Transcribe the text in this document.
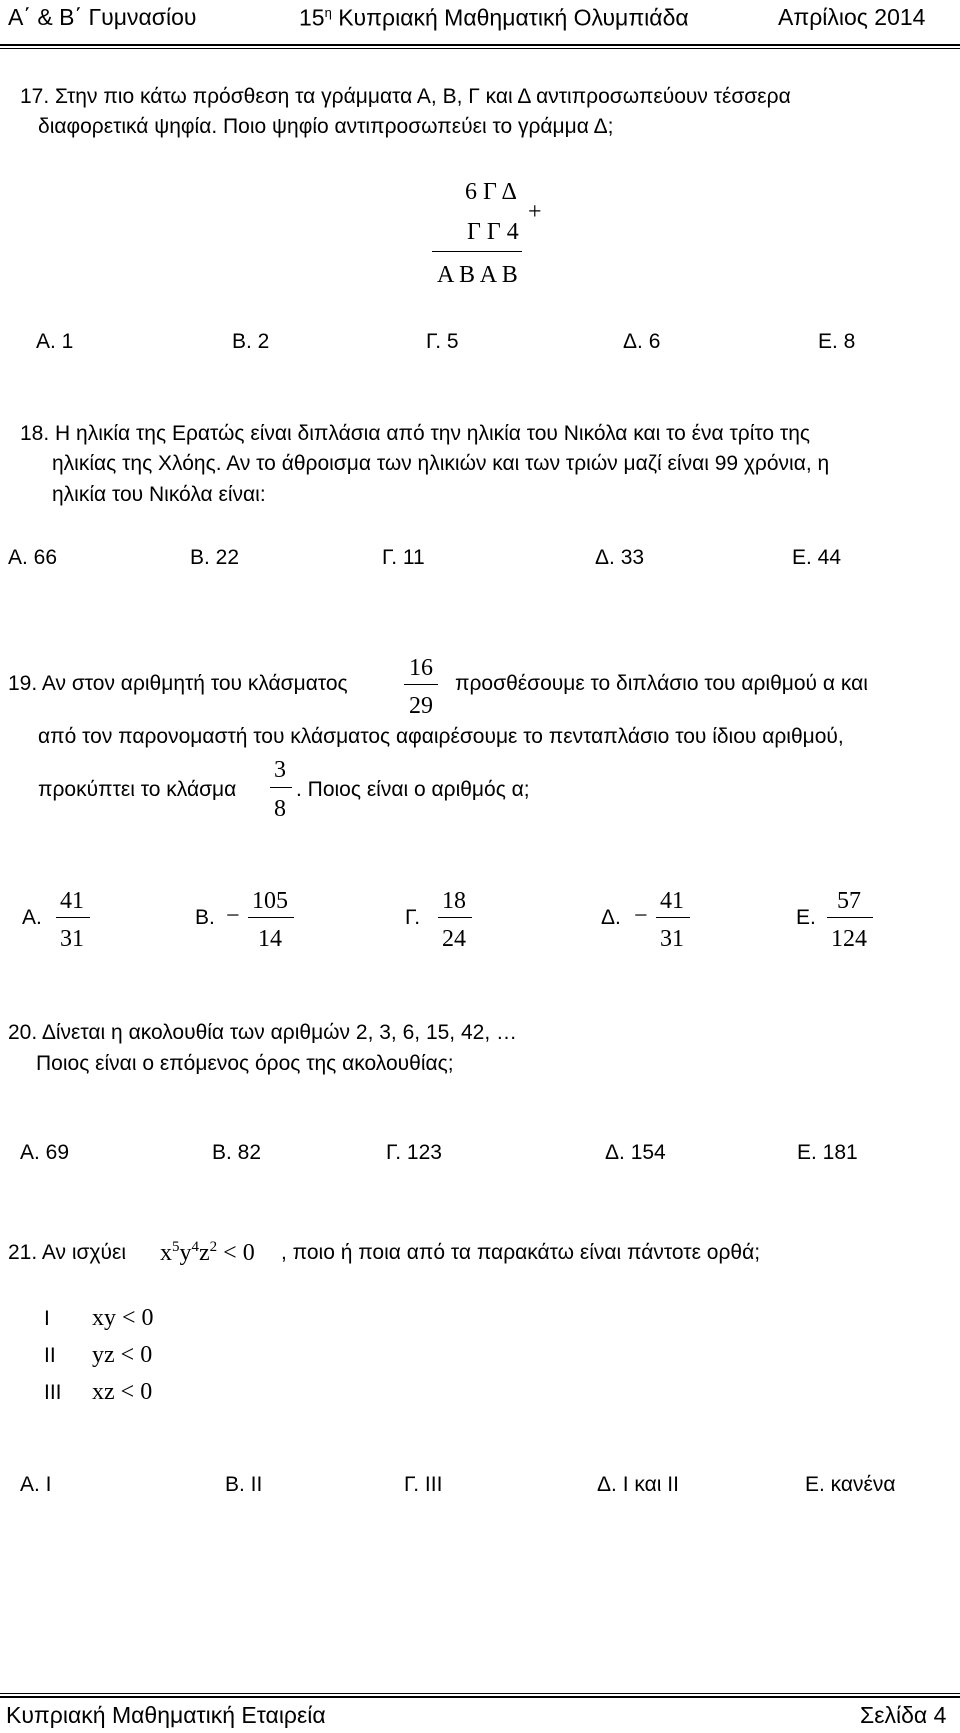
Α΄ & Β΄ Γυμνασίου	$15^\eta$ Κυπριακή Μαθηματική Ολυμπιάδα	Απρίλιος 2014
17. Στην πιο κάτω πρόσθεση τα γράμματα Α, Β, Γ και Δ αντιπροσωπεύουν τέσσερα
διαφορετικά ψηφία. Ποιο ψηφίο αντιπροσωπεύει το γράμμα Δ;
6 Γ Δ
+
Γ Γ 4
Α Β Α Β
Α. 1	Β. 2	Γ. 5	Δ. 6	Ε. 8
18. Η ηλικία της Ερατώς είναι διπλάσια από την ηλικία του Νικόλα και το ένα τρίτο της
ηλικίας της Χλόης. Αν το άθροισμα των ηλικιών και των τριών μαζί είναι 99 χρόνια, η
ηλικία του Νικόλα είναι:
Α. 66	Β. 22	Γ. 11	Δ. 33	Ε. 44
19. Αν στον αριθμητή του κλάσματος
16
29
προσθέσουμε το διπλάσιο του αριθμού α και
από τον παρονομαστή του κλάσματος αφαιρέσουμε το πενταπλάσιο του ίδιου αριθμού,
προκύπτει το κλάσμα
3
8
. Ποιος είναι ο αριθμός α;
Α.
41
31
Β. −
105
14
Γ.
18
24
Δ. −
41
31
Ε.
57
124
20. Δίνεται η ακολουθία των αριθμών 2, 3, 6, 15, 42, …
Ποιος είναι ο επόμενος όρος της ακολουθίας;
Α. 69	Β. 82	Γ. 123	Δ. 154	Ε. 181
21. Αν ισχύει $x^5y^4z^2 < 0$ , ποιο ή ποια από τα παρακάτω είναι πάντοτε ορθά;
I xy < 0
II yz < 0
III xz < 0
Α. I	Β. II	Γ. III	Δ. I και II	Ε. κανένα
Κυπριακή Μαθηματική Εταιρεία	Σελίδα 4
